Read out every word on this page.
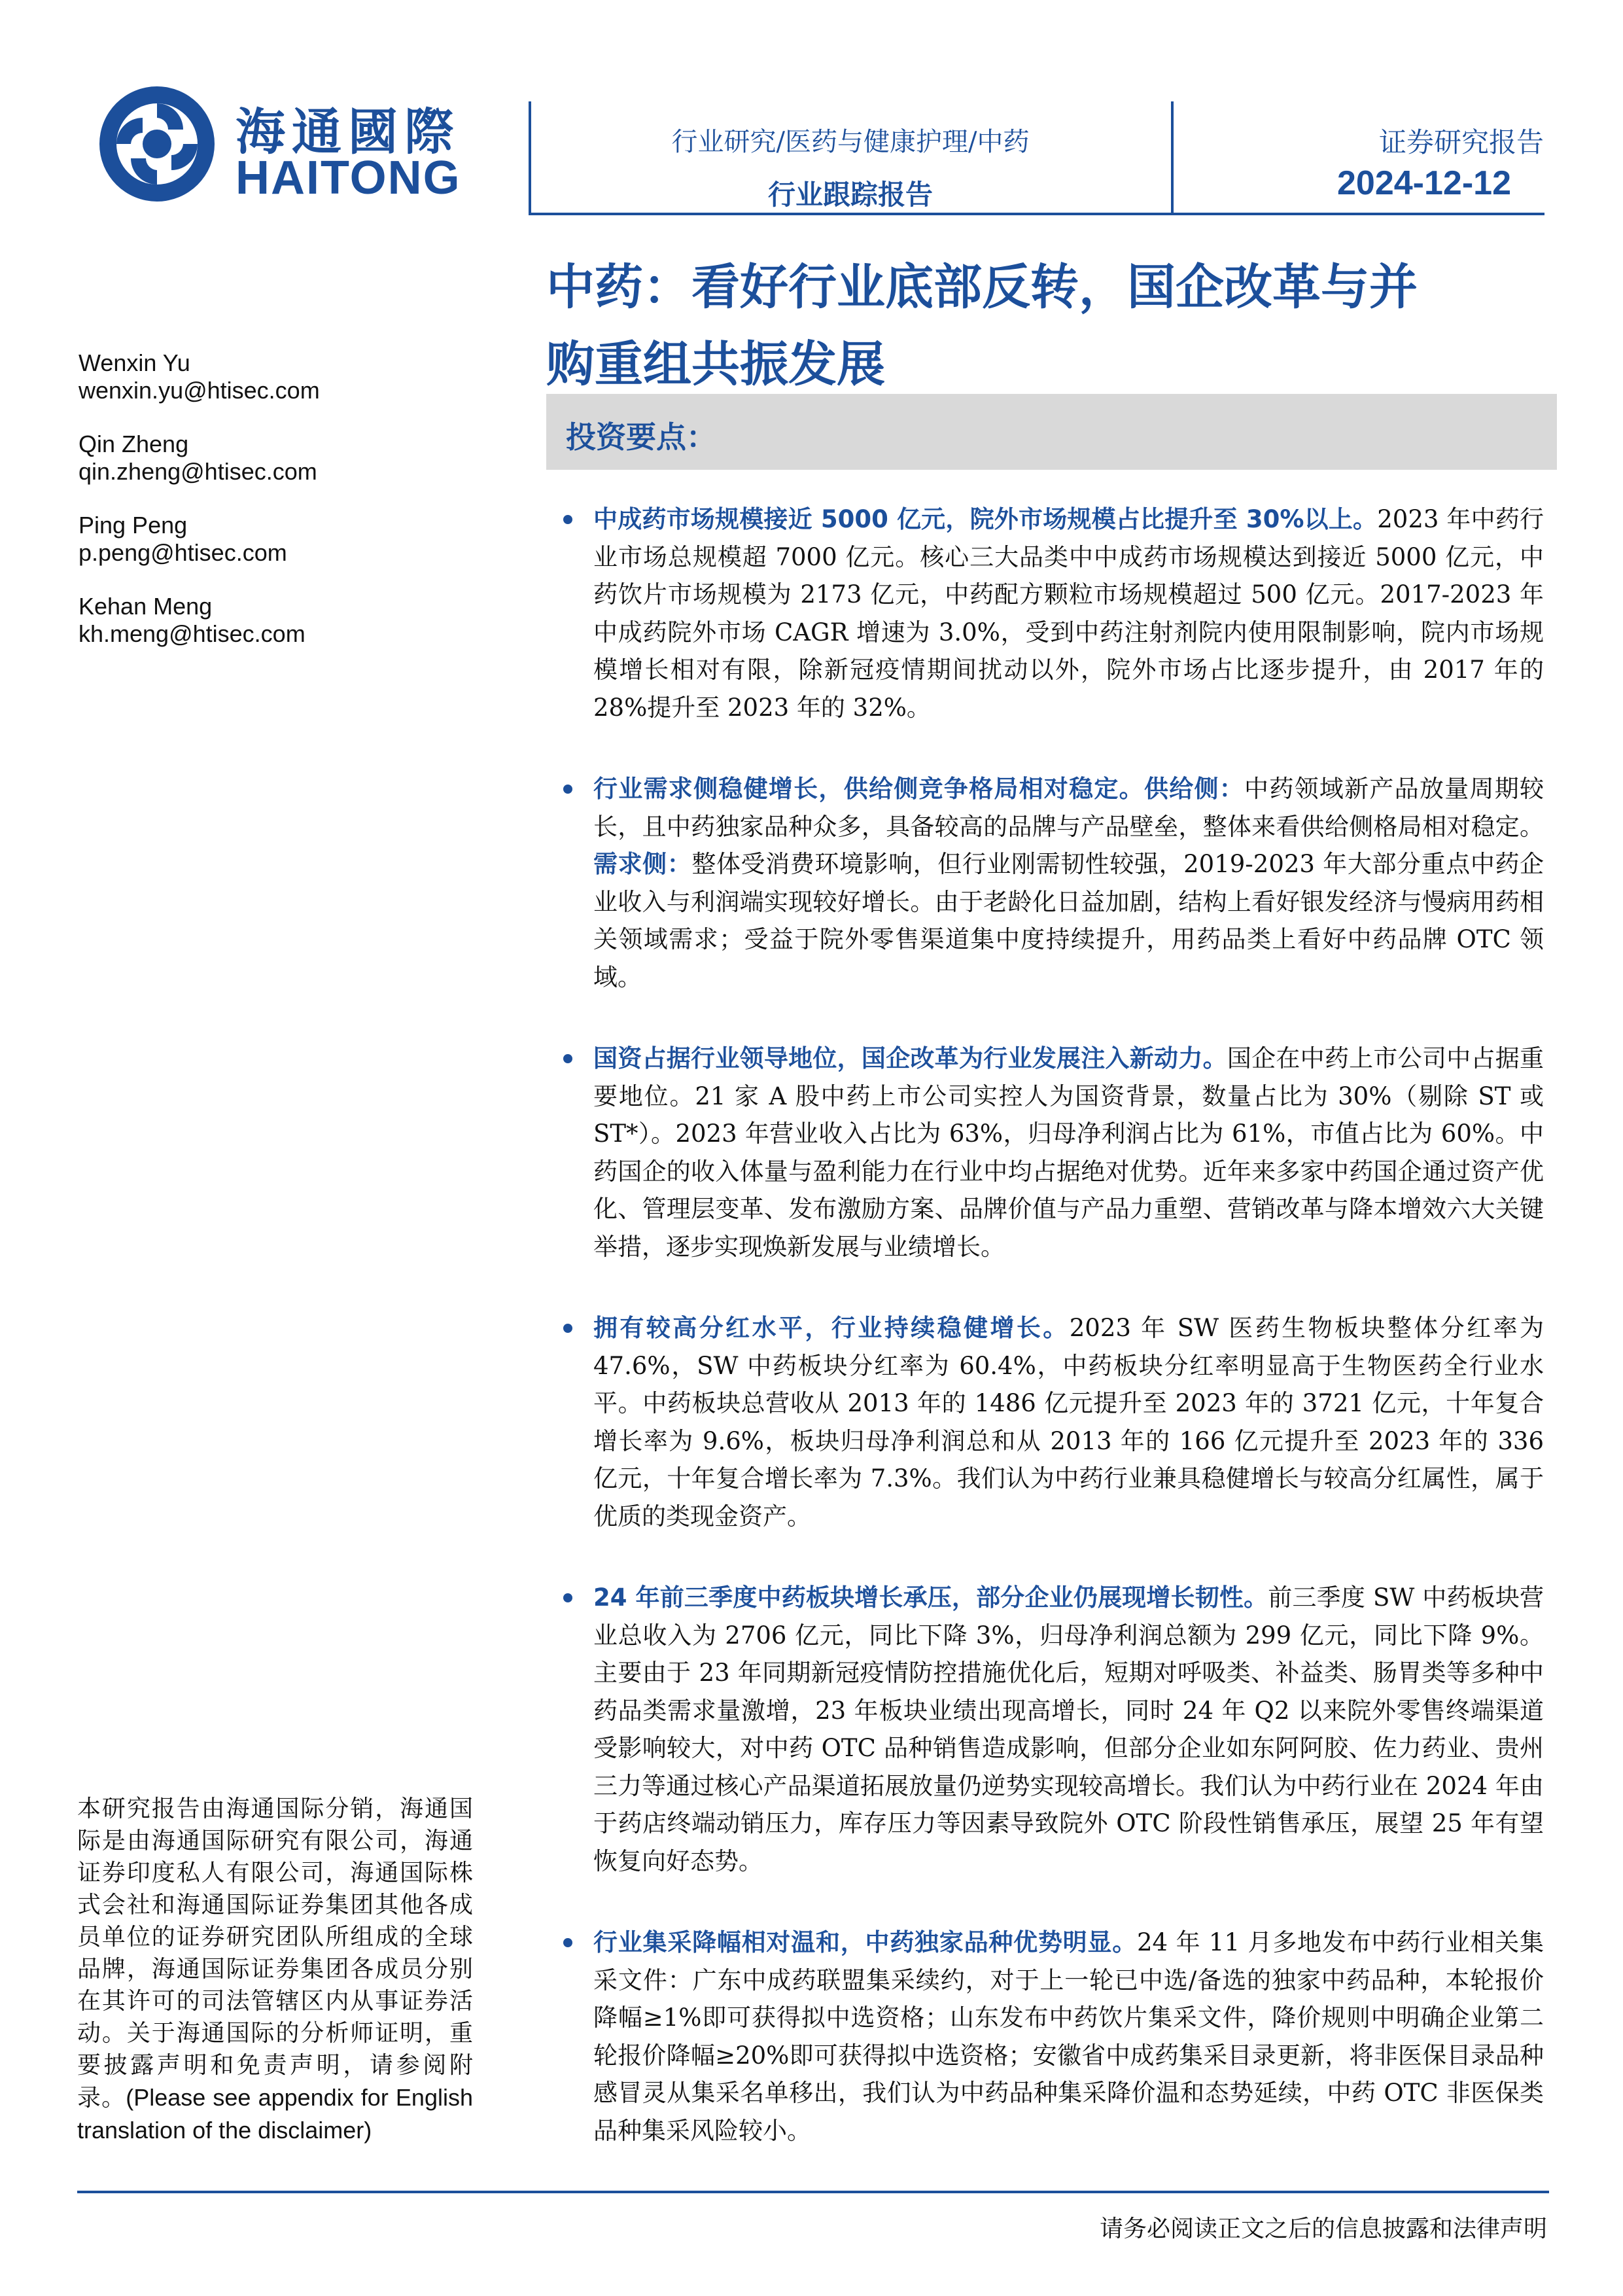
海通國際
HAITONG
行业研究/医药与健康护理/中药
行业跟踪报告
证券研究报告
2024-12-12
中药：看好行业底部反转，国企改革与并
购重组共振发展
投资要点：
Wenxin Yu
wenxin.yu@htisec.com
Qin Zheng
qin.zheng@htisec.com
Ping Peng
p.peng@htisec.com
Kehan Meng
kh.meng@htisec.com
中成药市场规模接近 5000 亿元，院外市场规模占比提升至 30%以上。2023 年中药行业市场总规模超 7000 亿元。核心三大品类中中成药市场规模达到接近 5000 亿元，中药饮片市场规模为 2173 亿元，中药配方颗粒市场规模超过 500 亿元。2017-2023 年中成药院外市场 CAGR 增速为 3.0%，受到中药注射剂院内使用限制影响，院内市场规模增长相对有限，除新冠疫情期间扰动以外，院外市场占比逐步提升，由 2017 年的 28%提升至 2023 年的 32%。
行业需求侧稳健增长，供给侧竞争格局相对稳定。供给侧：中药领域新产品放量周期较长，且中药独家品种众多，具备较高的品牌与产品壁垒，整体来看供给侧格局相对稳定。需求侧：整体受消费环境影响，但行业刚需韧性较强，2019-2023 年大部分重点中药企业收入与利润端实现较好增长。由于老龄化日益加剧，结构上看好银发经济与慢病用药相关领域需求；受益于院外零售渠道集中度持续提升，用药品类上看好中药品牌 OTC 领域。
国资占据行业领导地位，国企改革为行业发展注入新动力。国企在中药上市公司中占据重要地位。21 家 A 股中药上市公司实控人为国资背景，数量占比为 30%（剔除 ST 或 ST*）。2023 年营业收入占比为 63%，归母净利润占比为 61%，市值占比为 60%。中药国企的收入体量与盈利能力在行业中均占据绝对优势。近年来多家中药国企通过资产优化、管理层变革、发布激励方案、品牌价值与产品力重塑、营销改革与降本增效六大关键举措，逐步实现焕新发展与业绩增长。
拥有较高分红水平，行业持续稳健增长。2023 年 SW 医药生物板块整体分红率为 47.6%，SW 中药板块分红率为 60.4%，中药板块分红率明显高于生物医药全行业水平。中药板块总营收从 2013 年的 1486 亿元提升至 2023 年的 3721 亿元，十年复合增长率为 9.6%，板块归母净利润总和从 2013 年的 166 亿元提升至 2023 年的 336 亿元，十年复合增长率为 7.3%。我们认为中药行业兼具稳健增长与较高分红属性，属于优质的类现金资产。
24 年前三季度中药板块增长承压，部分企业仍展现增长韧性。前三季度 SW 中药板块营业总收入为 2706 亿元，同比下降 3%，归母净利润总额为 299 亿元，同比下降 9%。主要由于 23 年同期新冠疫情防控措施优化后，短期对呼吸类、补益类、肠胃类等多种中药品类需求量激增，23 年板块业绩出现高增长，同时 24 年 Q2 以来院外零售终端渠道受影响较大，对中药 OTC 品种销售造成影响，但部分企业如东阿阿胶、佐力药业、贵州三力等通过核心产品渠道拓展放量仍逆势实现较高增长。我们认为中药行业在 2024 年由于药店终端动销压力，库存压力等因素导致院外 OTC 阶段性销售承压，展望 25 年有望恢复向好态势。
行业集采降幅相对温和，中药独家品种优势明显。24 年 11 月多地发布中药行业相关集采文件：广东中成药联盟集采续约，对于上一轮已中选/备选的独家中药品种，本轮报价降幅≥1%即可获得拟中选资格；山东发布中药饮片集采文件，降价规则中明确企业第二轮报价降幅≥20%即可获得拟中选资格；安徽省中成药集采目录更新，将非医保目录品种感冒灵从集采名单移出，我们认为中药品种集采降价温和态势延续，中药 OTC 非医保类品种集采风险较小。
本研究报告由海通国际分销，海通国际是由海通国际研究有限公司，海通证券印度私人有限公司，海通国际株式会社和海通国际证券集团其他各成员单位的证券研究团队所组成的全球品牌，海通国际证券集团各成员分别在其许可的司法管辖区内从事证券活动。关于海通国际的分析师证明，重要披露声明和免责声明，请参阅附录。(Please see appendix for English translation of the disclaimer)
请务必阅读正文之后的信息披露和法律声明
